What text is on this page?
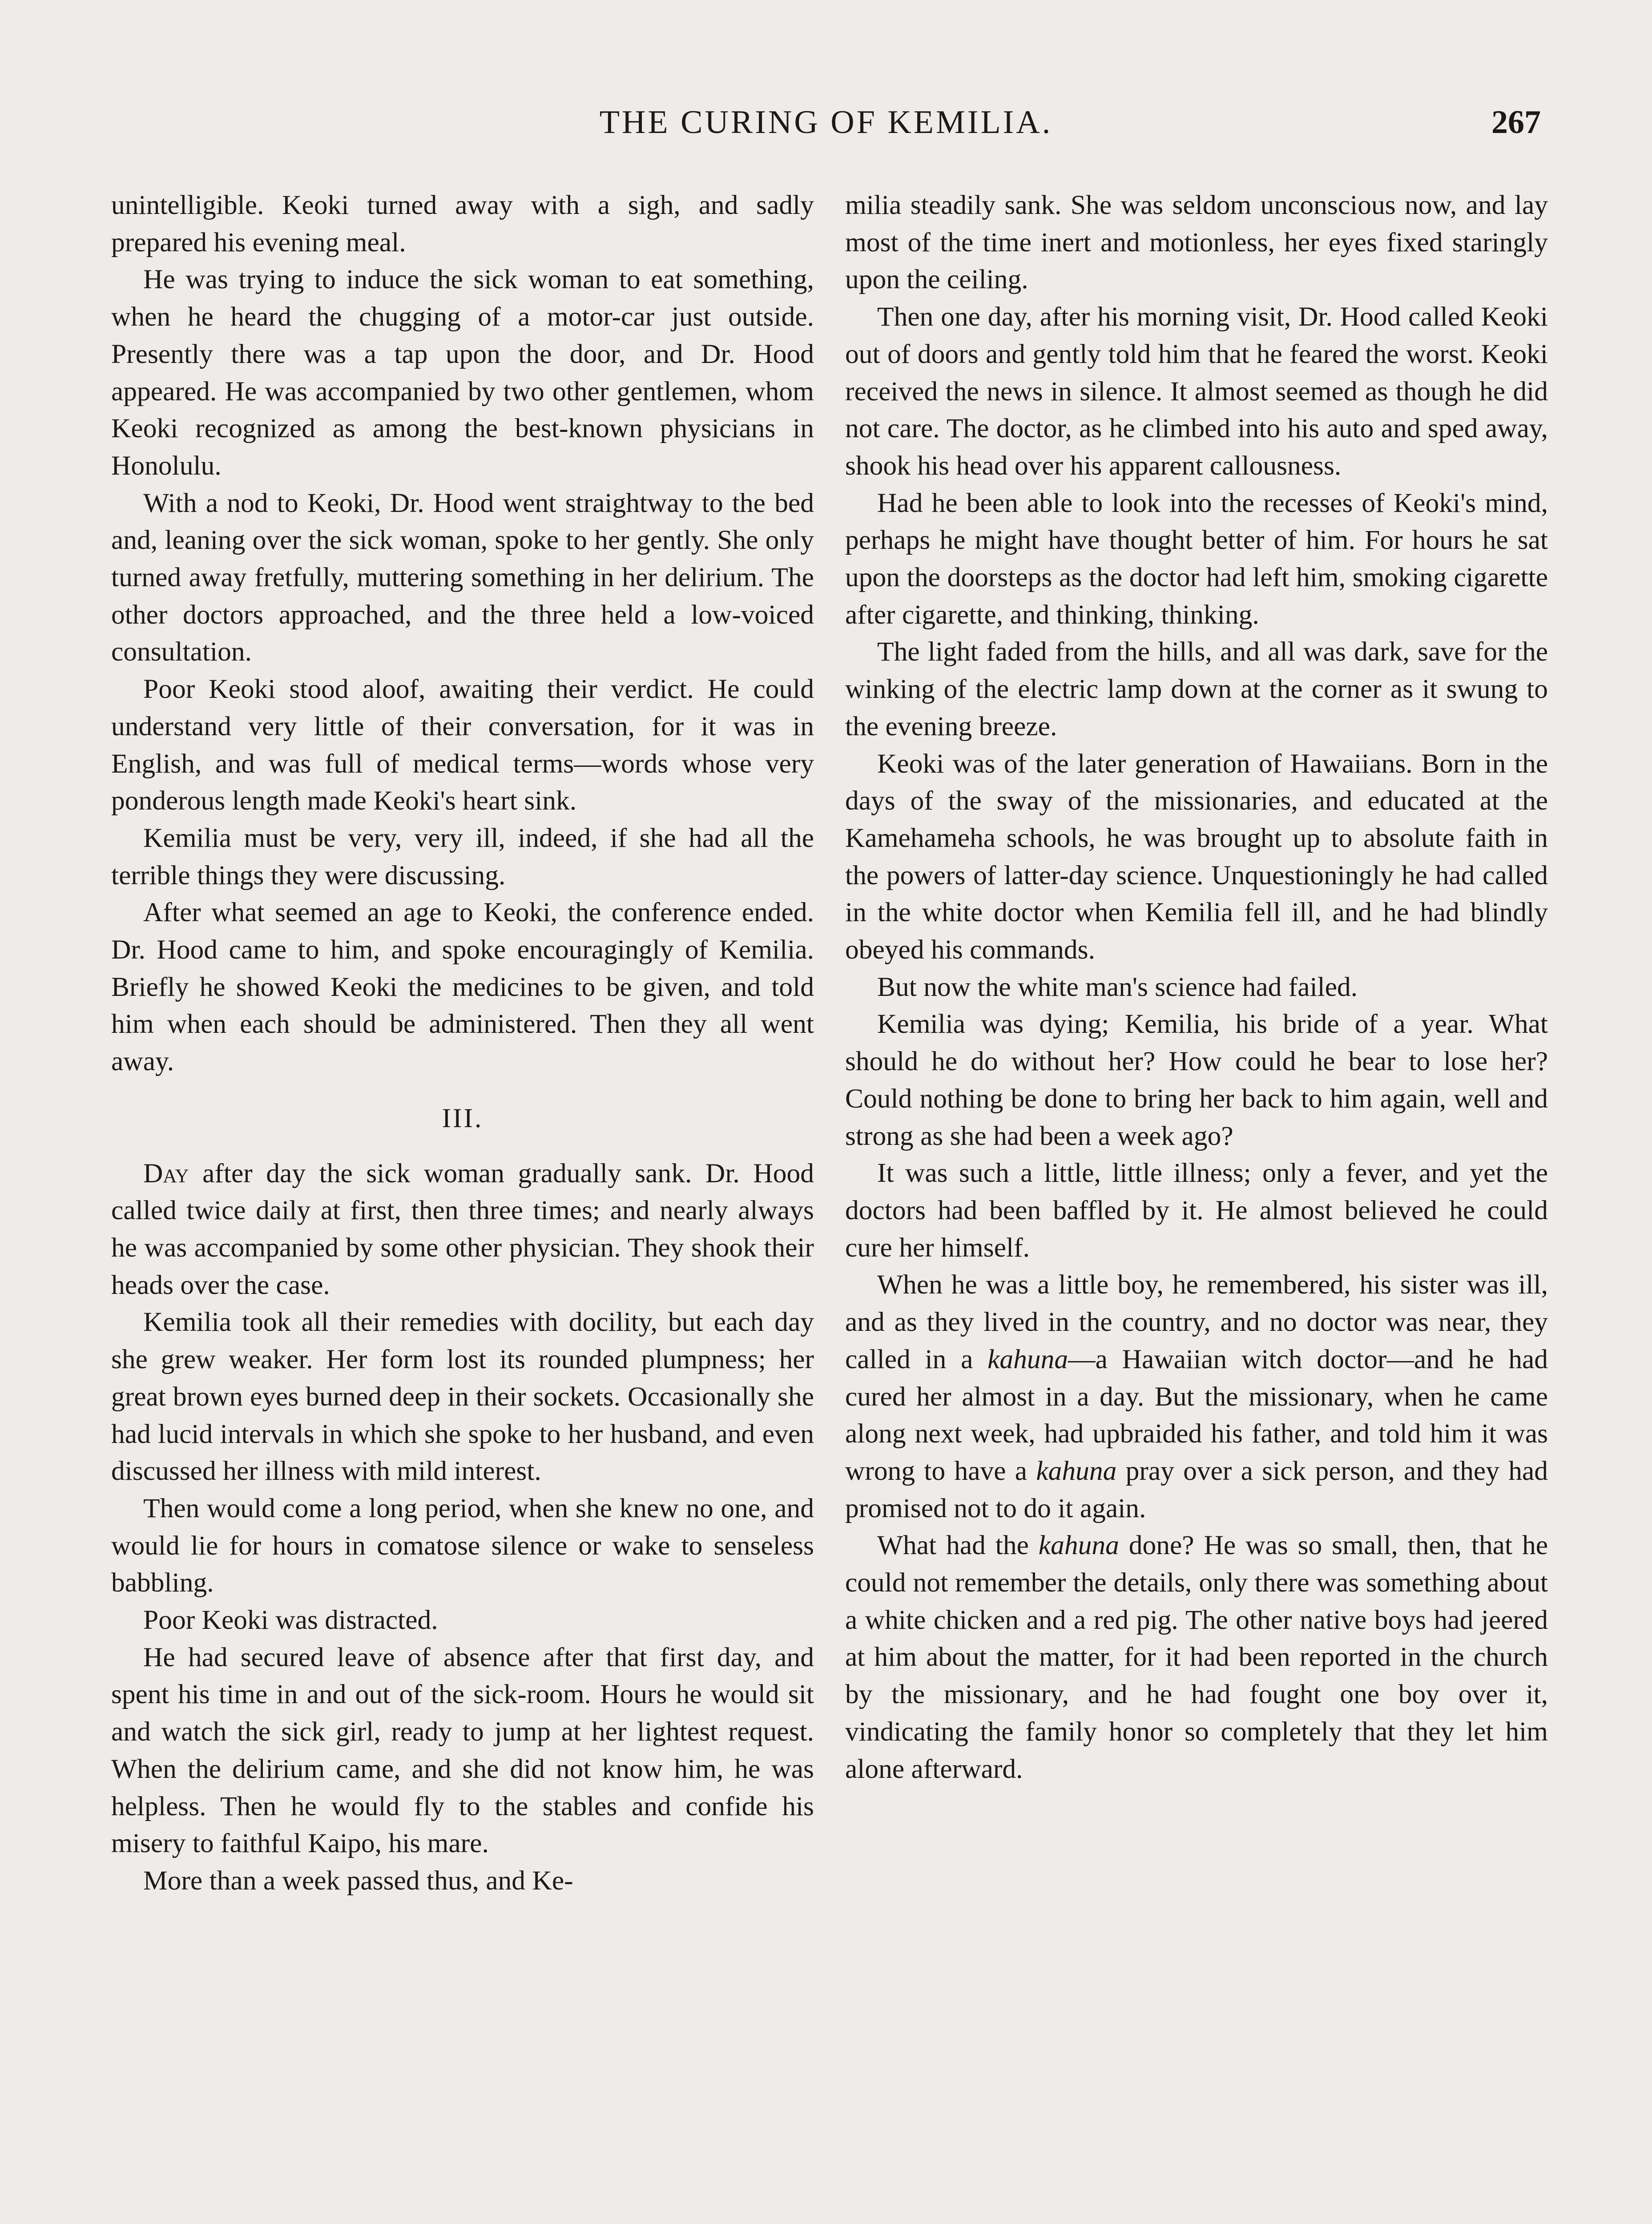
THE CURING OF KEMILIA.	267

unintelligible. Keoki turned away with a sigh, and sadly prepared his evening meal.

He was trying to induce the sick woman to eat something, when he heard the chugging of a motor-car just outside. Presently there was a tap upon the door, and Dr. Hood appeared. He was accompanied by two other gentlemen, whom Keoki recognized as among the best-known physicians in Honolulu.

With a nod to Keoki, Dr. Hood went straightway to the bed and, leaning over the sick woman, spoke to her gently. She only turned away fretfully, muttering something in her delirium. The other doctors approached, and the three held a low-voiced consultation.

Poor Keoki stood aloof, awaiting their verdict. He could understand very little of their conversation, for it was in English, and was full of medical terms—words whose very ponderous length made Keoki's heart sink.

Kemilia must be very, very ill, indeed, if she had all the terrible things they were discussing.

After what seemed an age to Keoki, the conference ended. Dr. Hood came to him, and spoke encouragingly of Kemilia. Briefly he showed Keoki the medicines to be given, and told him when each should be administered. Then they all went away.

III.

Day after day the sick woman gradually sank. Dr. Hood called twice daily at first, then three times; and nearly always he was accompanied by some other physician. They shook their heads over the case.

Kemilia took all their remedies with docility, but each day she grew weaker. Her form lost its rounded plumpness; her great brown eyes burned deep in their sockets. Occasionally she had lucid intervals in which she spoke to her husband, and even discussed her illness with mild interest.

Then would come a long period, when she knew no one, and would lie for hours in comatose silence or wake to senseless babbling.

Poor Keoki was distracted.

He had secured leave of absence after that first day, and spent his time in and out of the sick-room. Hours he would sit and watch the sick girl, ready to jump at her lightest request. When the delirium came, and she did not know him, he was helpless. Then he would fly to the stables and confide his misery to faithful Kaipo, his mare.

More than a week passed thus, and Ke-

milia steadily sank. She was seldom unconscious now, and lay most of the time inert and motionless, her eyes fixed staringly upon the ceiling.

Then one day, after his morning visit, Dr. Hood called Keoki out of doors and gently told him that he feared the worst. Keoki received the news in silence. It almost seemed as though he did not care. The doctor, as he climbed into his auto and sped away, shook his head over his apparent callousness.

Had he been able to look into the recesses of Keoki's mind, perhaps he might have thought better of him. For hours he sat upon the doorsteps as the doctor had left him, smoking cigarette after cigarette, and thinking, thinking.

The light faded from the hills, and all was dark, save for the winking of the electric lamp down at the corner as it swung to the evening breeze.

Keoki was of the later generation of Hawaiians. Born in the days of the sway of the missionaries, and educated at the Kamehameha schools, he was brought up to absolute faith in the powers of latter-day science. Unquestioningly he had called in the white doctor when Kemilia fell ill, and he had blindly obeyed his commands.

But now the white man's science had failed.

Kemilia was dying; Kemilia, his bride of a year. What should he do without her? How could he bear to lose her? Could nothing be done to bring her back to him again, well and strong as she had been a week ago?

It was such a little, little illness; only a fever, and yet the doctors had been baffled by it. He almost believed he could cure her himself.

When he was a little boy, he remembered, his sister was ill, and as they lived in the country, and no doctor was near, they called in a kahuna—a Hawaiian witch doctor—and he had cured her almost in a day. But the missionary, when he came along next week, had upbraided his father, and told him it was wrong to have a kahuna pray over a sick person, and they had promised not to do it again.

What had the kahuna done? He was so small, then, that he could not remember the details, only there was something about a white chicken and a red pig. The other native boys had jeered at him about the matter, for it had been reported in the church by the missionary, and he had fought one boy over it, vindicating the family honor so completely that they let him alone afterward.
